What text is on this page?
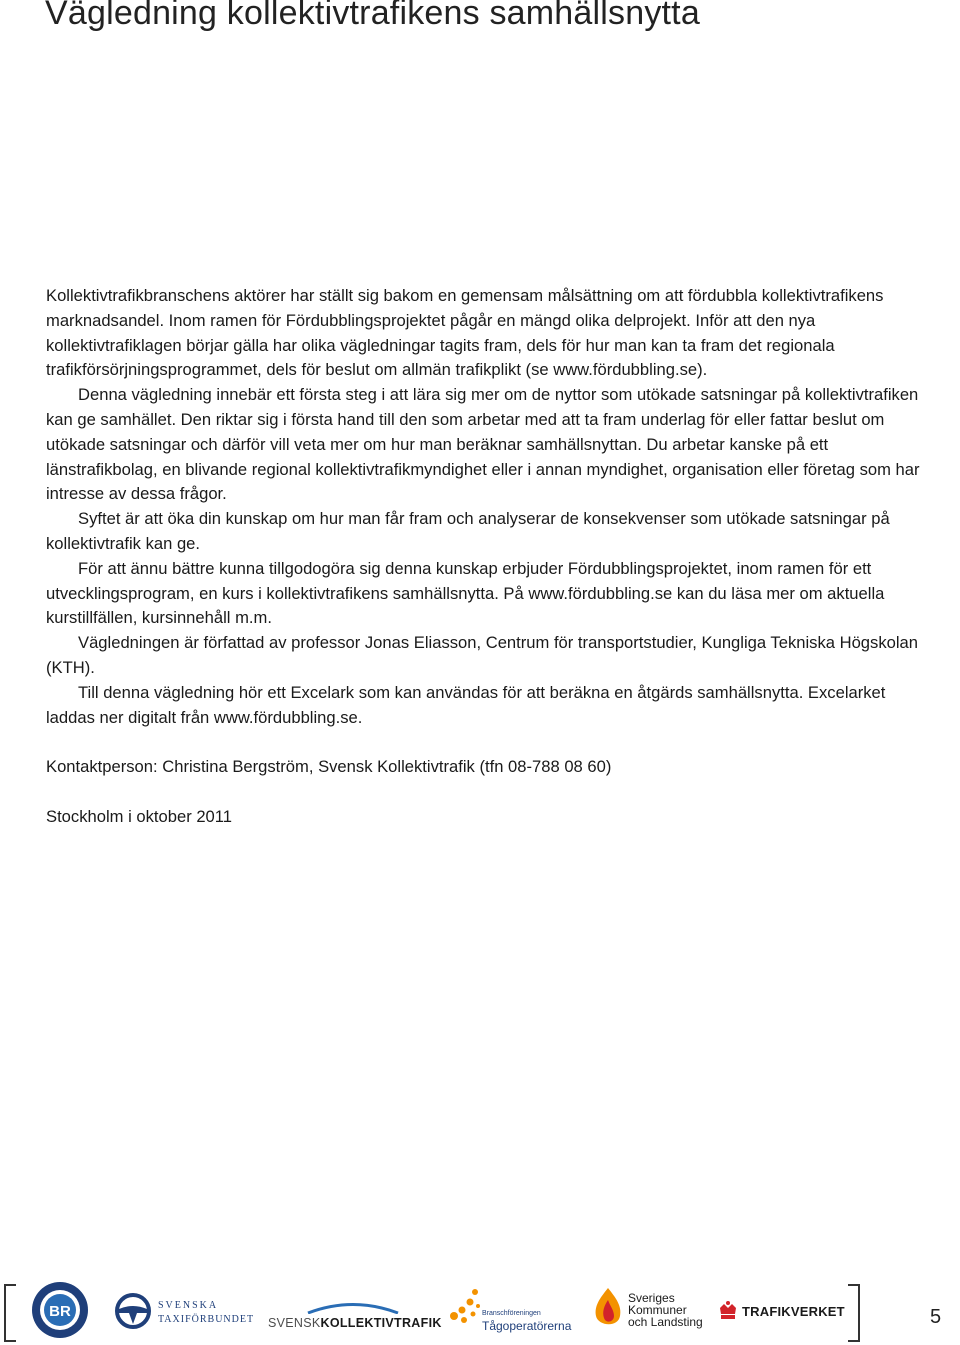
Vägledning kollektivtrafikens samhällsnytta

Kollektivtrafikbranschens aktörer har ställt sig bakom en gemensam målsättning om att fördubbla kollektivtrafikens marknadsandel. Inom ramen för Fördubblingsprojektet pågår en mängd olika delprojekt. Inför att den nya kollektivtrafiklagen börjar gälla har olika vägledningar tagits fram, dels för hur man kan ta fram det regionala trafikförsörjningsprogrammet, dels för beslut om allmän trafikplikt (se www.fördubbling.se).

Denna vägledning innebär ett första steg i att lära sig mer om de nyttor som utökade satsningar på kollektivtrafiken kan ge samhället. Den riktar sig i första hand till den som arbetar med att ta fram underlag för eller fattar beslut om utökade satsningar och därför vill veta mer om hur man beräknar samhällsnyttan. Du arbetar kanske på ett länstrafikbolag, en blivande regional kollektivtrafikmyndighet eller i annan myndighet, organisation eller företag som har intresse av dessa frågor.

Syftet är att öka din kunskap om hur man får fram och analyserar de konsekvenser som utökade satsningar på kollektivtrafik kan ge.

För att ännu bättre kunna tillgodogöra sig denna kunskap erbjuder Fördubblingsprojektet, inom ramen för ett utvecklingsprogram, en kurs i kollektivtrafikens samhällsnytta. På www.fördubbling.se kan du läsa mer om aktuella kurstillfällen, kursinnehåll m.m.

Vägledningen är författad av professor Jonas Eliasson, Centrum för transportstudier, Kungliga Tekniska Högskolan (KTH).

Till denna vägledning hör ett Excelark som kan användas för att beräkna en åtgärds samhällsnytta. Excelarket laddas ner digitalt från www.fördubbling.se.

Kontaktperson: Christina Bergström, Svensk Kollektivtrafik (tfn 08-788 08 60)

Stockholm i oktober 2011

BR	SVENSKA
TAXIFÖRBUNDET SVENSKKOLLEKTIVTRAFIK
Branschföreningen
Tågoperatörerna
Sveriges
Kommuner
och Landsting
TRAFIKVERKET	5
